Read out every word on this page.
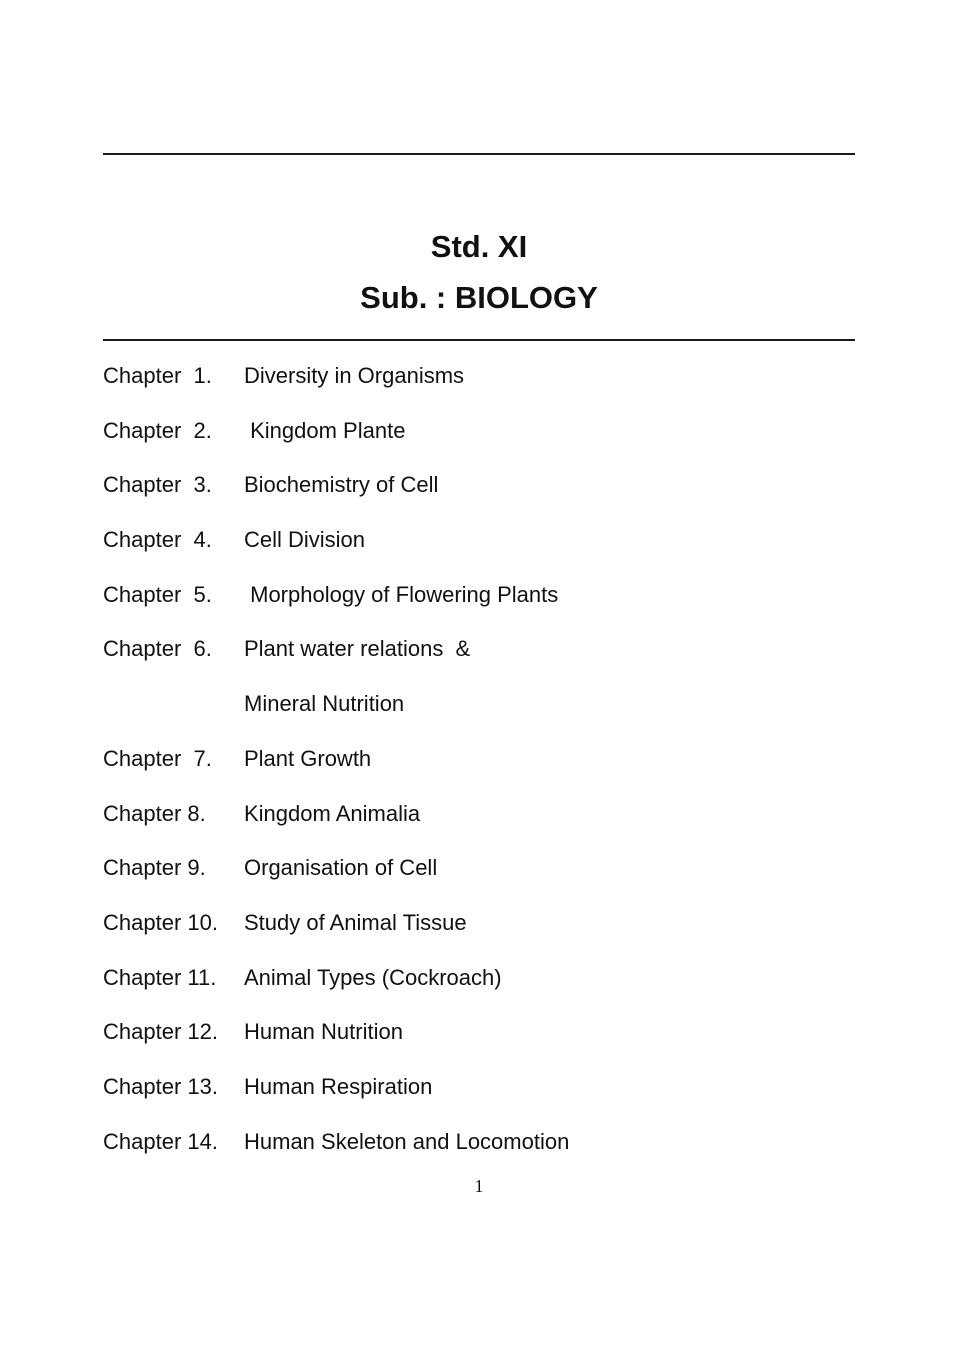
Std. XI
Sub. : BIOLOGY
Chapter  1. Diversity in Organisms
Chapter  2. Kingdom Plante
Chapter  3. Biochemistry of Cell
Chapter  4. Cell Division
Chapter  5. Morphology of Flowering Plants
Chapter  6. Plant water relations  &
Mineral Nutrition
Chapter  7. Plant Growth
Chapter 8. Kingdom Animalia
Chapter 9. Organisation of Cell
Chapter 10. Study of Animal Tissue
Chapter 11. Animal Types (Cockroach)
Chapter 12. Human Nutrition
Chapter 13. Human Respiration
Chapter 14. Human Skeleton and Locomotion
1
